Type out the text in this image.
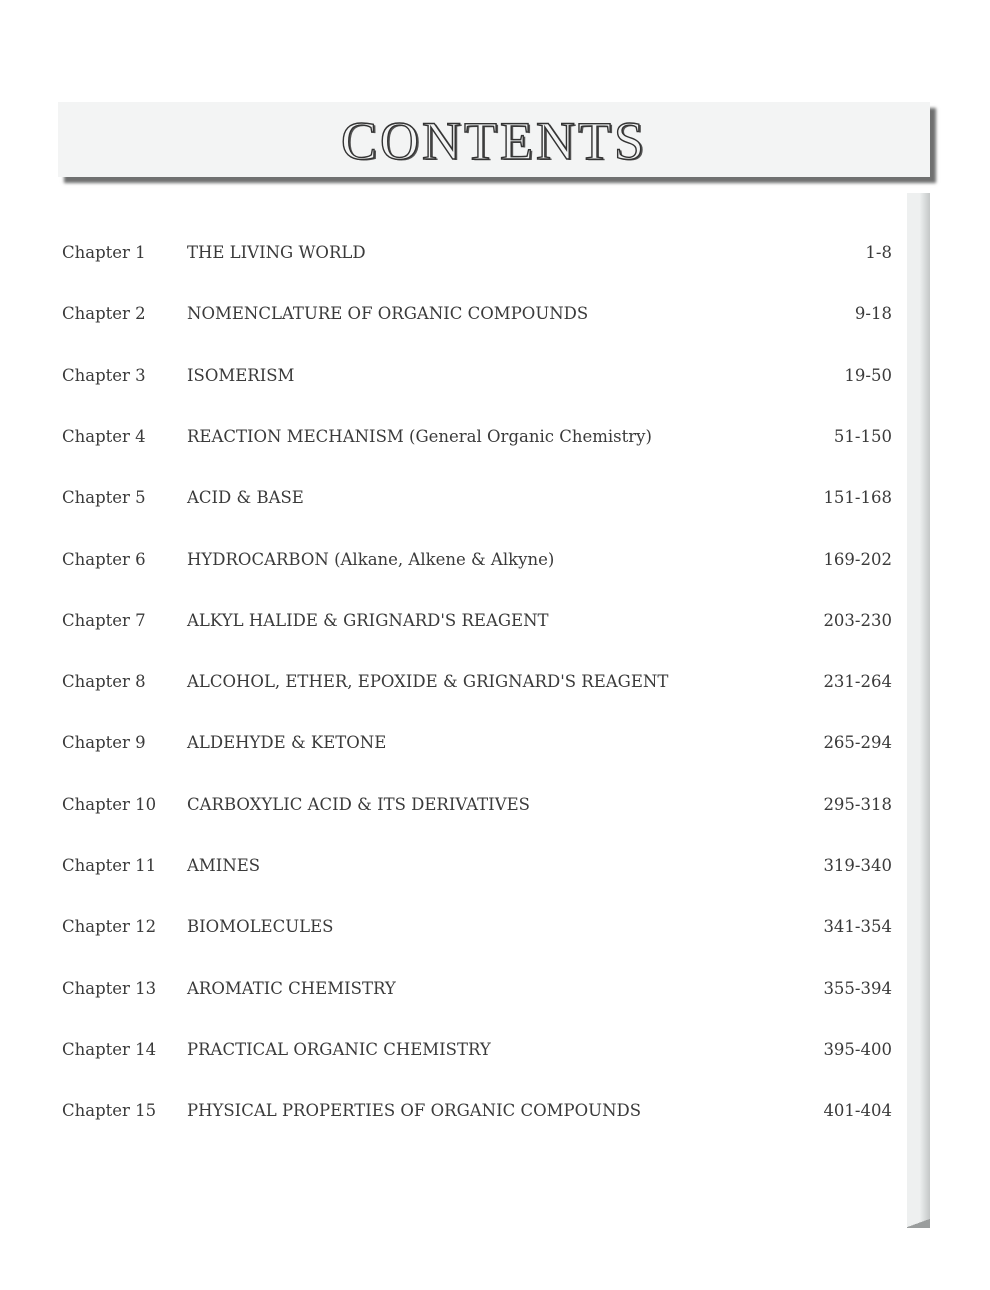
CONTENTS
Chapter 1	THE LIVING WORLD	1-8
Chapter 2	NOMENCLATURE OF ORGANIC COMPOUNDS	9-18
Chapter 3	ISOMERISM	19-50
Chapter 4	REACTION MECHANISM (General Organic Chemistry)	51-150
Chapter 5	ACID & BASE	151-168
Chapter 6	HYDROCARBON (Alkane, Alkene & Alkyne)	169-202
Chapter 7	ALKYL HALIDE & GRIGNARD'S REAGENT	203-230
Chapter 8	ALCOHOL, ETHER, EPOXIDE & GRIGNARD'S REAGENT	231-264
Chapter 9	ALDEHYDE & KETONE	265-294
Chapter 10 CARBOXYLIC ACID & ITS DERIVATIVES	295-318
Chapter 11 AMINES	319-340
Chapter 12 BIOMOLECULES	341-354
Chapter 13 AROMATIC CHEMISTRY	355-394
Chapter 14 PRACTICAL ORGANIC CHEMISTRY	395-400
Chapter 15 PHYSICAL PROPERTIES OF ORGANIC COMPOUNDS	401-404
